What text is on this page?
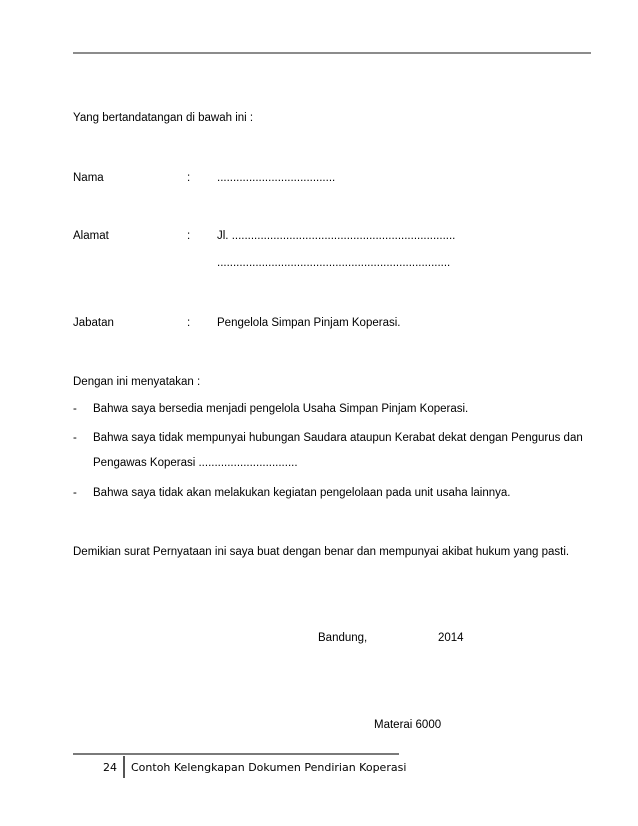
Yang bertandatangan di bawah ini :
Nama	: .....................................
Alamat	: Jl. ......................................................................
.........................................................................
Jabatan	: Pengelola Simpan Pinjam Koperasi.
Dengan ini menyatakan :
- Bahwa saya bersedia menjadi pengelola Usaha Simpan Pinjam Koperasi.
- Bahwa saya tidak mempunyai hubungan Saudara ataupun Kerabat dekat dengan Pengurus dan
Pengawas Koperasi ...............................
- Bahwa saya tidak akan melakukan kegiatan pengelolaan pada unit usaha lainnya.
Demikian surat Pernyataan ini saya buat dengan benar dan mempunyai akibat hukum yang pasti.
Bandung,	2014
Materai 6000
24 Contoh Kelengkapan Dokumen Pendirian Koperasi
